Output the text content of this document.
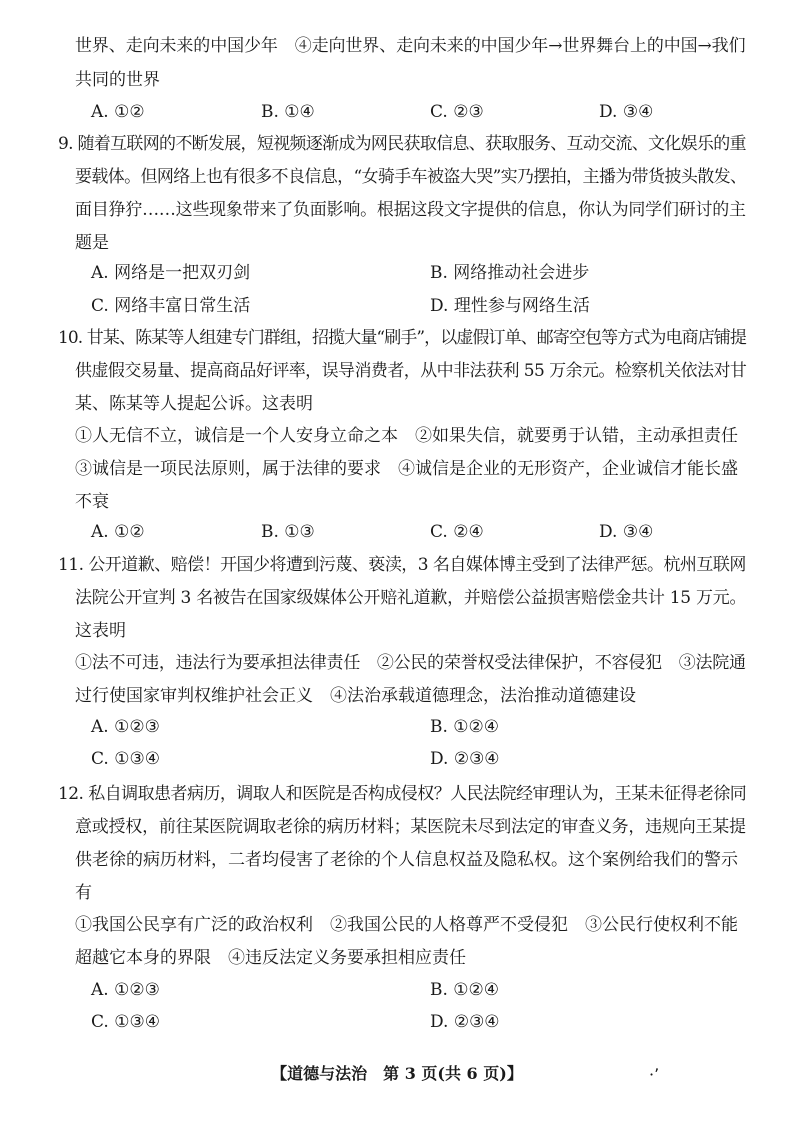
世界、走向未来的中国少年　④走向世界、走向未来的中国少年→世界舞台上的中国→我们
共同的世界
A. ①②	B. ①④	C. ②③	D. ③④
9. 随着互联网的不断发展，短视频逐渐成为网民获取信息、获取服务、互动交流、文化娱乐的重
要载体。但网络上也有很多不良信息，“女骑手车被盗大哭”实乃摆拍，主播为带货披头散发、
面目狰狞……这些现象带来了负面影响。根据这段文字提供的信息，你认为同学们研讨的主
题是
A. 网络是一把双刃剑	B. 网络推动社会进步
C. 网络丰富日常生活	D. 理性参与网络生活
10. 甘某、陈某等人组建专门群组，招揽大量“刷手”，以虚假订单、邮寄空包等方式为电商店铺提
供虚假交易量、提高商品好评率，误导消费者，从中非法获利 55 万余元。检察机关依法对甘
某、陈某等人提起公诉。这表明
①人无信不立，诚信是一个人安身立命之本　②如果失信，就要勇于认错，主动承担责任
③诚信是一项民法原则，属于法律的要求　④诚信是企业的无形资产，企业诚信才能长盛
不衰
A. ①②	B. ①③	C. ②④	D. ③④
11. 公开道歉、赔偿！开国少将遭到污蔑、亵渎，3 名自媒体博主受到了法律严惩。杭州互联网
法院公开宣判 3 名被告在国家级媒体公开赔礼道歉，并赔偿公益损害赔偿金共计 15 万元。
这表明
①法不可违，违法行为要承担法律责任　②公民的荣誉权受法律保护，不容侵犯　③法院通
过行使国家审判权维护社会正义　④法治承载道德理念，法治推动道德建设
A. ①②③	B. ①②④
C. ①③④	D. ②③④
12. 私自调取患者病历，调取人和医院是否构成侵权？人民法院经审理认为，王某未征得老徐同
意或授权，前往某医院调取老徐的病历材料；某医院未尽到法定的审查义务，违规向王某提
供老徐的病历材料，二者均侵害了老徐的个人信息权益及隐私权。这个案例给我们的警示
有
①我国公民享有广泛的政治权利　②我国公民的人格尊严不受侵犯　③公民行使权利不能
超越它本身的界限　④违反法定义务要承担相应责任
A. ①②③	B. ①②④
C. ①③④	D. ②③④
【道德与法治　第 3 页(共 6 页)】	·٬
